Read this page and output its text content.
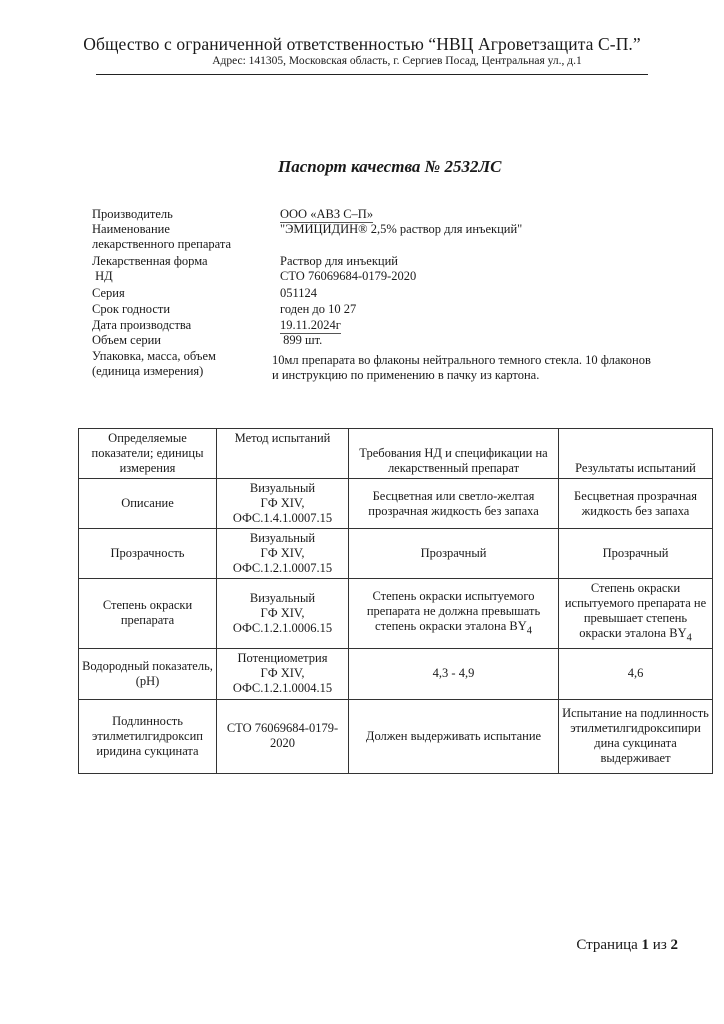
Общество с ограниченной ответственностью “НВЦ Агроветзащита С-П.”
Адрес: 141305, Московская область, г. Сергиев Посад, Центральная ул., д.1
Паспорт качества № 2532ЛС
Производитель	ООО «АВЗ С–П»
Наименование	"ЭМИЦИДИН® 2,5% раствор для инъекций"
лекарственного препарата
Лекарственная форма	Раствор для инъекций
НД	СТО 76069684-0179-2020
Серия	051124
Срок годности	годен до 10 27
Дата производства	19.11.2024г
Объем серии	899 шт.
Упаковка, масса, объем	10мл препарата во флаконы нейтрального темного стекла. 10 флаконов
(единица измерения)	и инструкцию по применению в пачку из картона.
Определяемые показатели; единицы измерения	Метод испытаний	Требования НД и спецификации на лекарственный препарат	Результаты испытаний
Описание	Визуальный
ГФ XIV,
ОФС.1.4.1.0007.15	Бесцветная или светло-желтая прозрачная жидкость без запаха	Бесцветная прозрачная жидкость без запаха
Прозрачность	Визуальный
ГФ XIV,
ОФС.1.2.1.0007.15	Прозрачный	Прозрачный
Степень окраски препарата	Визуальный
ГФ XIV,
ОФС.1.2.1.0006.15	Степень окраски испытуемого препарата не должна превышать степень окраски эталона $BY_4$	Степень окраски испытуемого препарата не превышает степень окраски эталона $BY_4$
Водородный показатель, (рН)	Потенциометрия
ГФ XIV,
ОФС.1.2.1.0004.15	4,3 - 4,9	4,6
Подлинность этилметилгидроксип иридина сукцината	СТО 76069684-0179-2020	Должен выдерживать испытание	Испытание на подлинность этилметилгидроксипири дина сукцината выдерживает
Страница 1 из 2
